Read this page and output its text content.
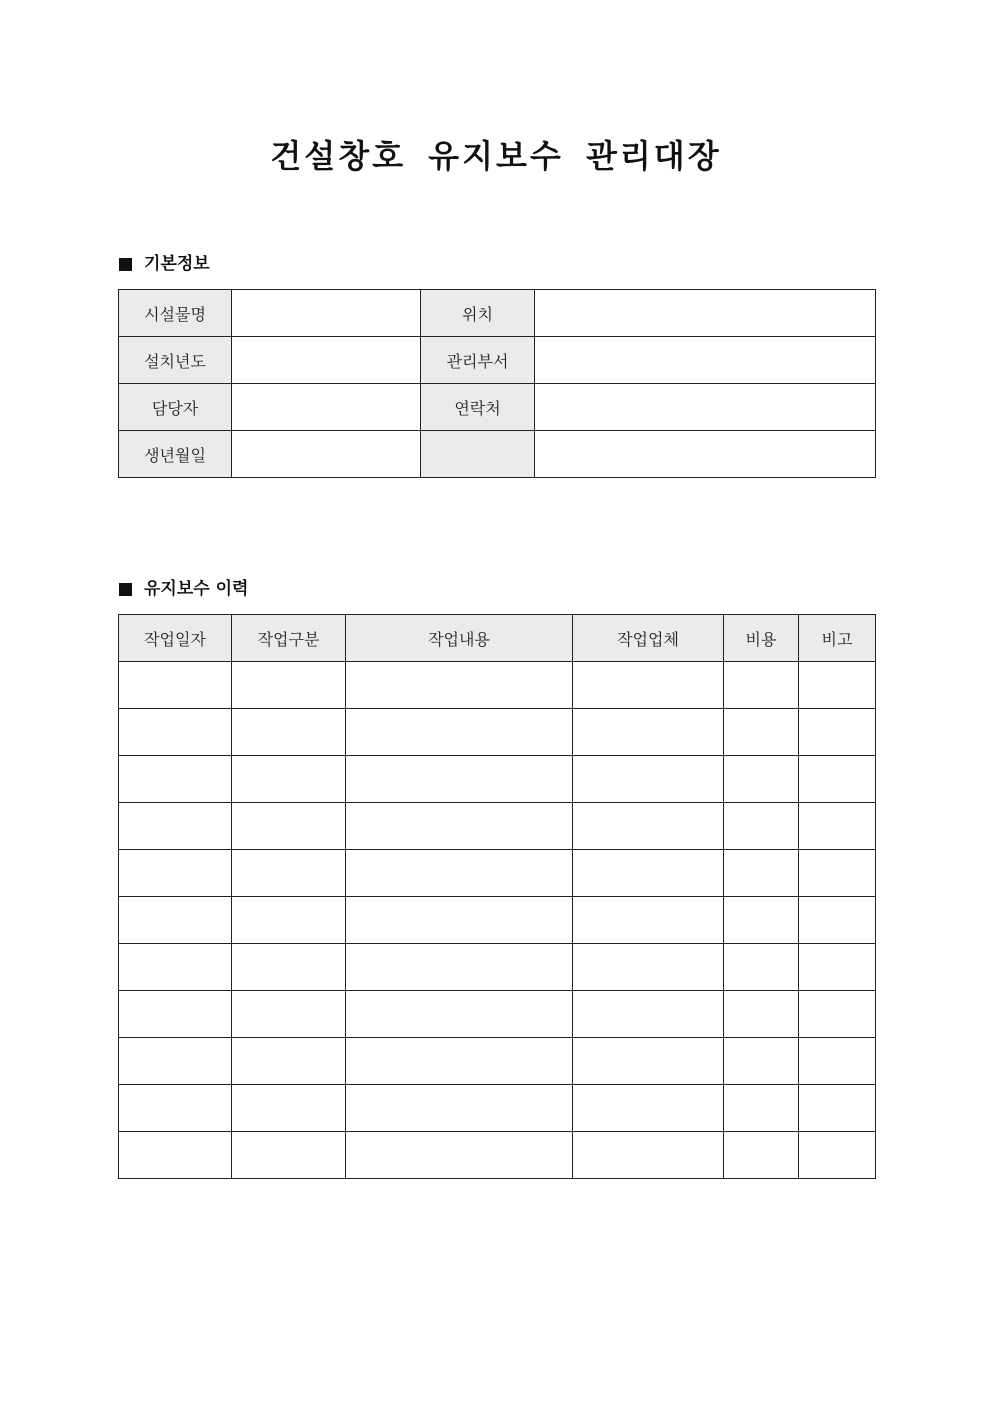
건설창호 유지보수 관리대장
기본정보
시설물명		위치	
설치년도		관리부서	
담당자		연락처	
생년월일			
유지보수 이력
작업일자	작업구분	작업내용	작업업체	비용	비고
